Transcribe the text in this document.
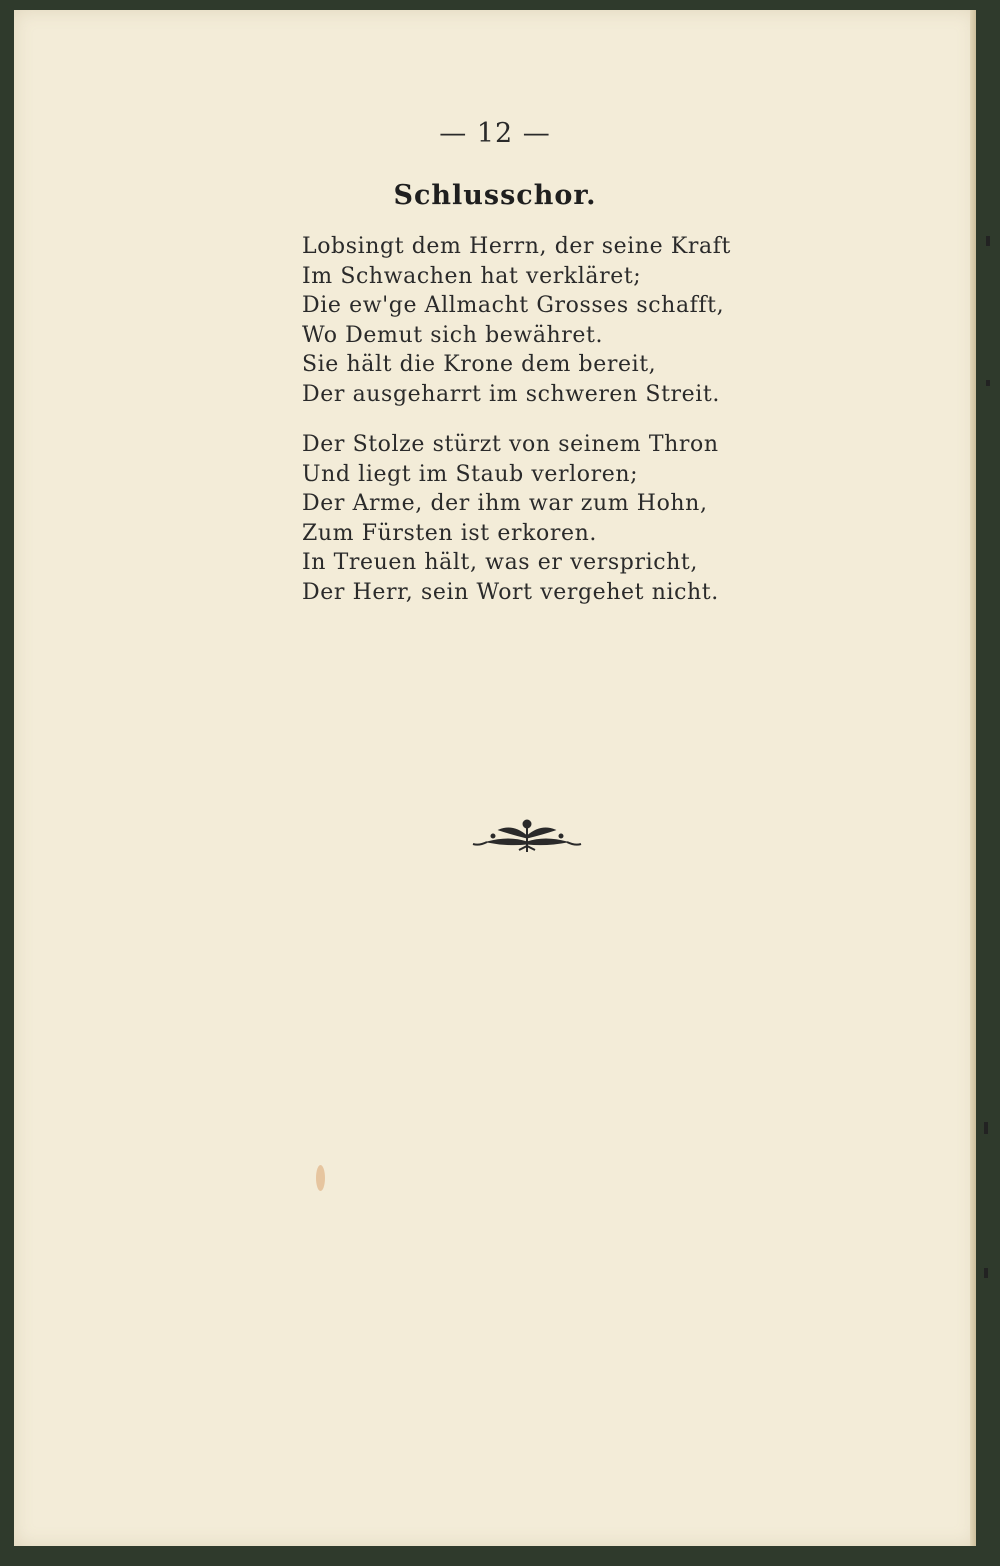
— 12 —
Schlusschor.
Lobsingt dem Herrn, der seine Kraft
Im Schwachen hat verkläret;
Die ew'ge Allmacht Grosses schafft,
Wo Demut sich bewähret.
Sie hält die Krone dem bereit,
Der ausgeharrt im schweren Streit.
Der Stolze stürzt von seinem Thron
Und liegt im Staub verloren;
Der Arme, der ihm war zum Hohn,
Zum Fürsten ist erkoren.
In Treuen hält, was er verspricht,
Der Herr, sein Wort vergehet nicht.
